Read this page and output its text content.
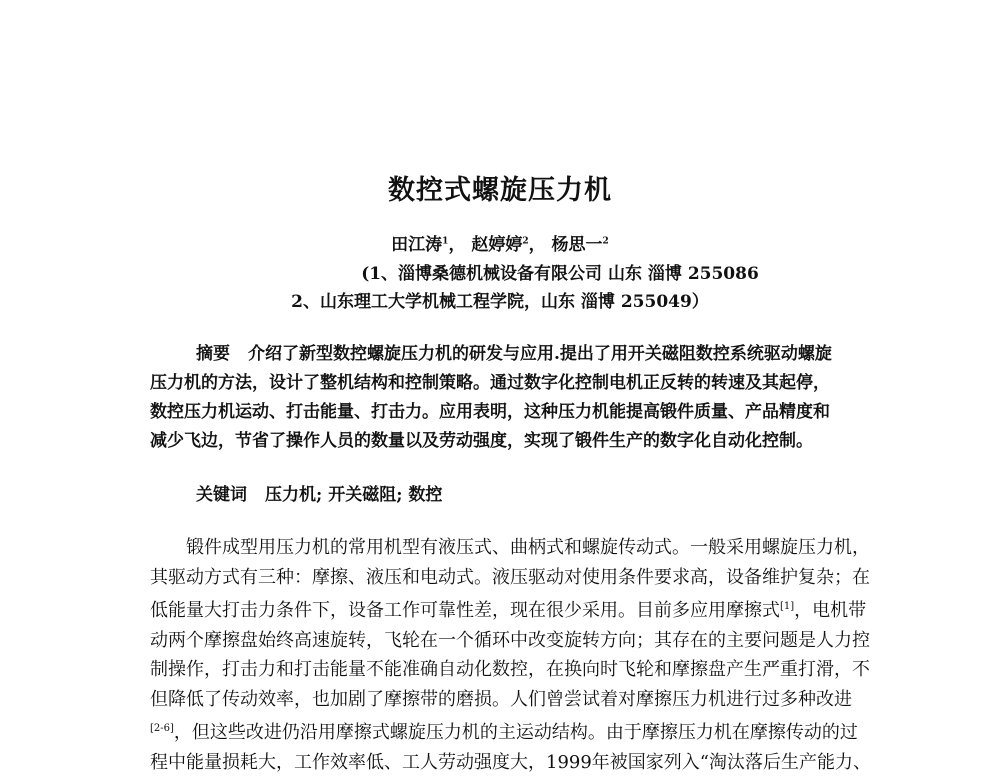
数控式螺旋压力机
田江涛$^1$， 赵婷婷$^2$， 杨思一$^2$
(1、淄博桑德机械设备有限公司 山东 淄博 255086
2、山东理工大学机械工程学院，山东 淄博 255049）
摘要 介绍了新型数控螺旋压力机的研发与应用.提出了用开关磁阻数控系统驱动螺旋
压力机的方法，设计了整机结构和控制策略。通过数字化控制电机正反转的转速及其起停，
数控压力机运动、打击能量、打击力。应用表明，这种压力机能提高锻件质量、产品精度和
减少飞边，节省了操作人员的数量以及劳动强度，实现了锻件生产的数字化自动化控制。
关键词 压力机; 开关磁阻; 数控
锻件成型用压力机的常用机型有液压式、曲柄式和螺旋传动式。一般采用螺旋压力机，
其驱动方式有三种：摩擦、液压和电动式。液压驱动对使用条件要求高，设备维护复杂；在
低能量大打击力条件下，设备工作可靠性差，现在很少采用。目前多应用摩擦式[1]，电机带
动两个摩擦盘始终高速旋转，飞轮在一个循环中改变旋转方向；其存在的主要问题是人力控
制操作，打击力和打击能量不能准确自动化数控，在换向时飞轮和摩擦盘产生严重打滑，不
但降低了传动效率，也加剧了摩擦带的磨损。人们曾尝试着对摩擦压力机进行过多种改进
[2-6]，但这些改进仍沿用摩擦式螺旋压力机的主运动结构。由于摩擦压力机在摩擦传动的过
程中能量损耗大，工作效率低、工人劳动强度大，1999年被国家列入“淘汰落后生产能力、
